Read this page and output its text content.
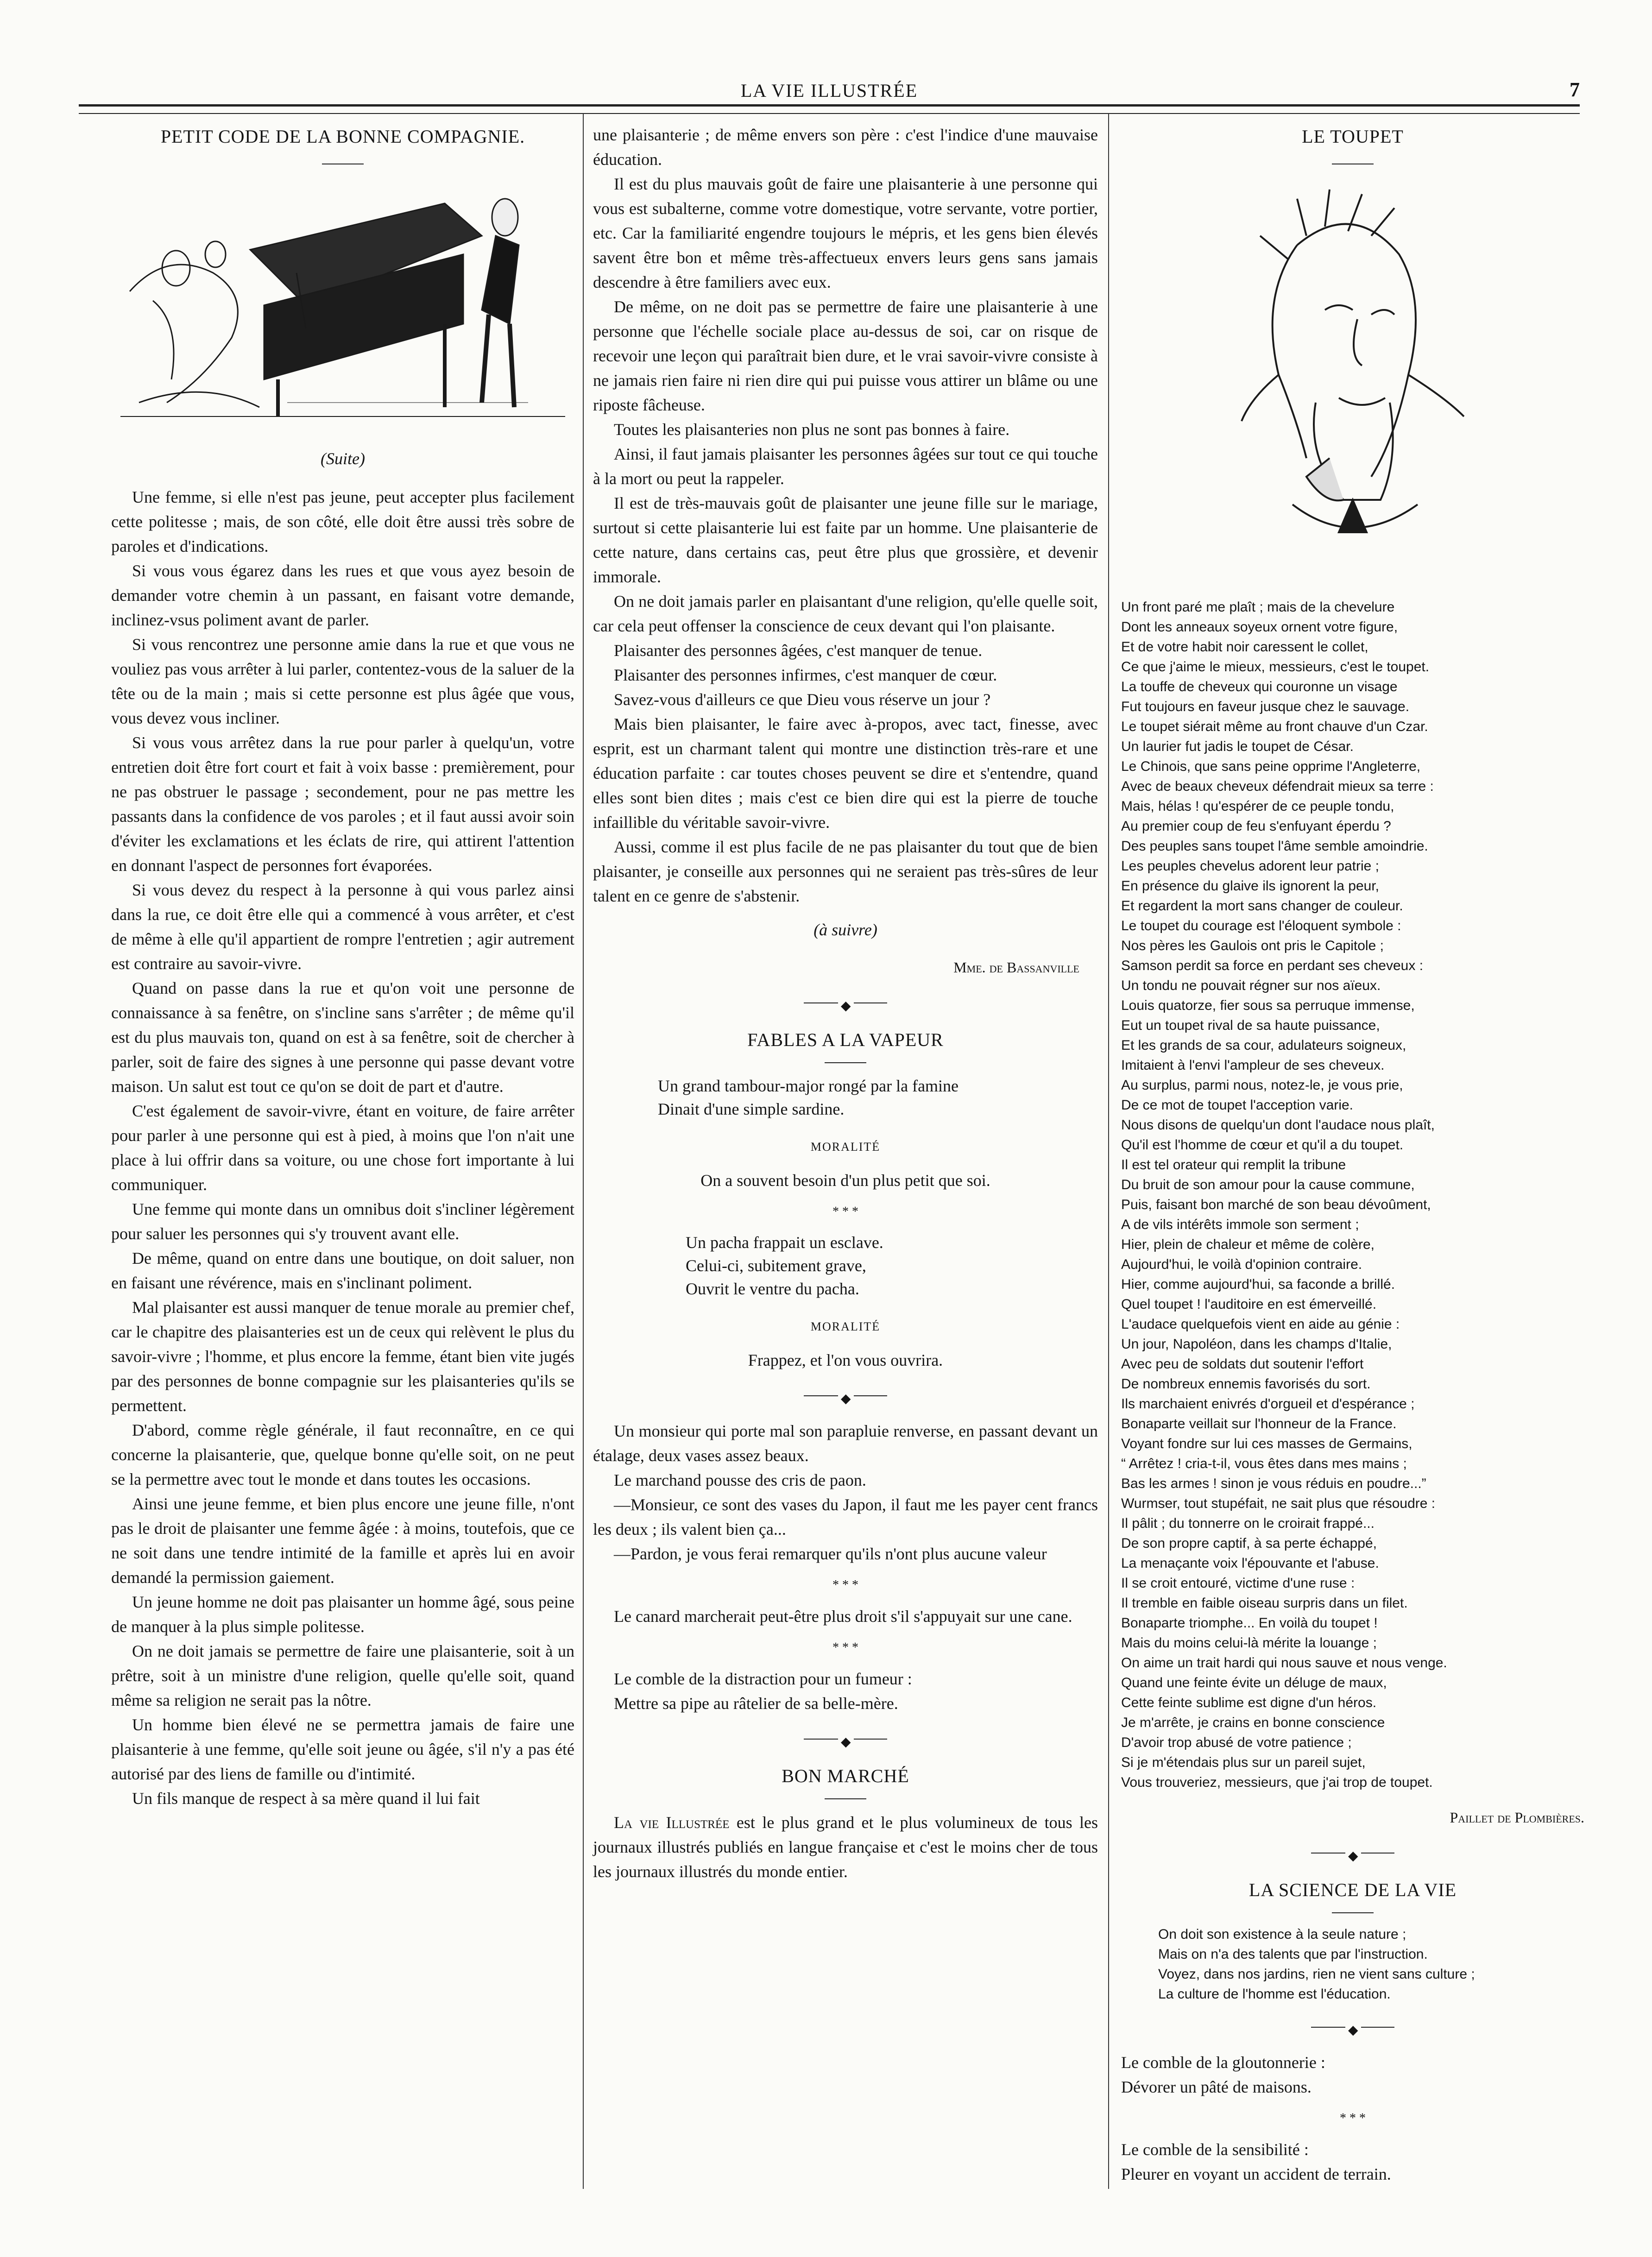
LA VIE ILLUSTRÉE	7
PETIT CODE DE LA BONNE COMPAGNIE.
(Suite)

Une femme, si elle n'est pas jeune, peut accepter plus facilement cette politesse ; mais, de son côté, elle doit être aussi très sobre de paroles et d'indications.

Si vous vous égarez dans les rues et que vous ayez besoin de demander votre chemin à un passant, en faisant votre demande, inclinez-vsus poliment avant de parler.

Si vous rencontrez une personne amie dans la rue et que vous ne vouliez pas vous arrêter à lui parler, contentez-vous de la saluer de la tête ou de la main ; mais si cette personne est plus âgée que vous, vous devez vous incliner.

Si vous vous arrêtez dans la rue pour parler à quelqu'un, votre entretien doit être fort court et fait à voix basse : premièrement, pour ne pas obstruer le passage ; secondement, pour ne pas mettre les passants dans la confidence de vos paroles ; et il faut aussi avoir soin d'éviter les exclamations et les éclats de rire, qui attirent l'attention en donnant l'aspect de personnes fort évaporées.

Si vous devez du respect à la personne à qui vous parlez ainsi dans la rue, ce doit être elle qui a commencé à vous arrêter, et c'est de même à elle qu'il appartient de rompre l'entretien ; agir autrement est contraire au savoir-vivre.

Quand on passe dans la rue et qu'on voit une personne de connaissance à sa fenêtre, on s'incline sans s'arrêter ; de même qu'il est du plus mauvais ton, quand on est à sa fenêtre, soit de chercher à parler, soit de faire des signes à une personne qui passe devant votre maison. Un salut est tout ce qu'on se doit de part et d'autre.

C'est également de savoir-vivre, étant en voiture, de faire arrêter pour parler à une personne qui est à pied, à moins que l'on n'ait une place à lui offrir dans sa voiture, ou une chose fort importante à lui communiquer.

Une femme qui monte dans un omnibus doit s'incliner légèrement pour saluer les personnes qui s'y trouvent avant elle.

De même, quand on entre dans une boutique, on doit saluer, non en faisant une révérence, mais en s'inclinant poliment.

Mal plaisanter est aussi manquer de tenue morale au premier chef, car le chapitre des plaisanteries est un de ceux qui relèvent le plus du savoir-vivre ; l'homme, et plus encore la femme, étant bien vite jugés par des personnes de bonne compagnie sur les plaisanteries qu'ils se permettent.

D'abord, comme règle générale, il faut reconnaître, en ce qui concerne la plaisanterie, que, quelque bonne qu'elle soit, on ne peut se la permettre avec tout le monde et dans toutes les occasions.

Ainsi une jeune femme, et bien plus encore une jeune fille, n'ont pas le droit de plaisanter une femme âgée : à moins, toutefois, que ce ne soit dans une tendre intimité de la famille et après lui en avoir demandé la permission gaiement.

Un jeune homme ne doit pas plaisanter un homme âgé, sous peine de manquer à la plus simple politesse.

On ne doit jamais se permettre de faire une plaisanterie, soit à un prêtre, soit à un ministre d'une religion, quelle qu'elle soit, quand même sa religion ne serait pas la nôtre.

Un homme bien élevé ne se permettra jamais de faire une plaisanterie à une femme, qu'elle soit jeune ou âgée, s'il n'y a pas été autorisé par des liens de famille ou d'intimité.

Un fils manque de respect à sa mère quand il lui fait

une plaisanterie ; de même envers son père : c'est l'indice d'une mauvaise éducation.

Il est du plus mauvais goût de faire une plaisanterie à une personne qui vous est subalterne, comme votre domestique, votre servante, votre portier, etc. Car la familiarité engendre toujours le mépris, et les gens bien élevés savent être bon et même très-affectueux envers leurs gens sans jamais descendre à être familiers avec eux.

De même, on ne doit pas se permettre de faire une plaisanterie à une personne que l'échelle sociale place au-dessus de soi, car on risque de recevoir une leçon qui paraîtrait bien dure, et le vrai savoir-vivre consiste à ne jamais rien faire ni rien dire qui pui puisse vous attirer un blâme ou une riposte fâcheuse.

Toutes les plaisanteries non plus ne sont pas bonnes à faire.

Ainsi, il faut jamais plaisanter les personnes âgées sur tout ce qui touche à la mort ou peut la rappeler.

Il est de très-mauvais goût de plaisanter une jeune fille sur le mariage, surtout si cette plaisanterie lui est faite par un homme. Une plaisanterie de cette nature, dans certains cas, peut être plus que grossière, et devenir immorale.

On ne doit jamais parler en plaisantant d'une religion, qu'elle quelle soit, car cela peut offenser la conscience de ceux devant qui l'on plaisante.

Plaisanter des personnes âgées, c'est manquer de tenue.

Plaisanter des personnes infirmes, c'est manquer de cœur.

Savez-vous d'ailleurs ce que Dieu vous réserve un jour ?

Mais bien plaisanter, le faire avec à-propos, avec tact, finesse, avec esprit, est un charmant talent qui montre une distinction très-rare et une éducation parfaite : car toutes choses peuvent se dire et s'entendre, quand elles sont bien dites ; mais c'est ce bien dire qui est la pierre de touche infaillible du véritable savoir-vivre.

Aussi, comme il est plus facile de ne pas plaisanter du tout que de bien plaisanter, je conseille aux personnes qui ne seraient pas très-sûres de leur talent en ce genre de s'abstenir.

(à suivre)
Mme. de Bassanville
◆
FABLES A LA VAPEUR
Un grand tambour-major rongé par la famine
Dinait d'une simple sardine.
MORALITÉ
On a souvent besoin d'un plus petit que soi.
* * *
Un pacha frappait un esclave.
Celui-ci, subitement grave,
Ouvrit le ventre du pacha.
MORALITÉ
Frappez, et l'on vous ouvrira.
◆

Un monsieur qui porte mal son parapluie renverse, en passant devant un étalage, deux vases assez beaux.

Le marchand pousse des cris de paon.

—Monsieur, ce sont des vases du Japon, il faut me les payer cent francs les deux ; ils valent bien ça...

—Pardon, je vous ferai remarquer qu'ils n'ont plus aucune valeur

* * *

Le canard marcherait peut-être plus droit s'il s'appuyait sur une cane.

* * *

Le comble de la distraction pour un fumeur :

Mettre sa pipe au râtelier de sa belle-mère.

◆
BON MARCHÉ

La vie Illustrée est le plus grand et le plus volumineux de tous les journaux illustrés publiés en langue française et c'est le moins cher de tous les journaux illustrés du monde entier.

LE TOUPET
Un front paré me plaît ; mais de la chevelure
Dont les anneaux soyeux ornent votre figure,
Et de votre habit noir caressent le collet,
Ce que j'aime le mieux, messieurs, c'est le toupet.
La touffe de cheveux qui couronne un visage
Fut toujours en faveur jusque chez le sauvage.
Le toupet siérait même au front chauve d'un Czar.
Un laurier fut jadis le toupet de César.
Le Chinois, que sans peine opprime l'Angleterre,
Avec de beaux cheveux défendrait mieux sa terre :
Mais, hélas ! qu'espérer de ce peuple tondu,
Au premier coup de feu s'enfuyant éperdu ?
Des peuples sans toupet l'âme semble amoindrie.
Les peuples chevelus adorent leur patrie ;
En présence du glaive ils ignorent la peur,
Et regardent la mort sans changer de couleur.
Le toupet du courage est l'éloquent symbole :
Nos pères les Gaulois ont pris le Capitole ;
Samson perdit sa force en perdant ses cheveux :
Un tondu ne pouvait régner sur nos aïeux.
Louis quatorze, fier sous sa perruque immense,
Eut un toupet rival de sa haute puissance,
Et les grands de sa cour, adulateurs soigneux,
Imitaient à l'envi l'ampleur de ses cheveux.
Au surplus, parmi nous, notez-le, je vous prie,
De ce mot de toupet l'acception varie.
Nous disons de quelqu'un dont l'audace nous plaît,
Qu'il est l'homme de cœur et qu'il a du toupet.
Il est tel orateur qui remplit la tribune
Du bruit de son amour pour la cause commune,
Puis, faisant bon marché de son beau dévoûment,
A de vils intérêts immole son serment ;
Hier, plein de chaleur et même de colère,
Aujourd'hui, le voilà d'opinion contraire.
Hier, comme aujourd'hui, sa faconde a brillé.
Quel toupet ! l'auditoire en est émerveillé.
L'audace quelquefois vient en aide au génie :
Un jour, Napoléon, dans les champs d'Italie,
Avec peu de soldats dut soutenir l'effort
De nombreux ennemis favorisés du sort.
Ils marchaient enivrés d'orgueil et d'espérance ;
Bonaparte veillait sur l'honneur de la France.
Voyant fondre sur lui ces masses de Germains,
“ Arrêtez ! cria-t-il, vous êtes dans mes mains ;
Bas les armes ! sinon je vous réduis en poudre...”
Wurmser, tout stupéfait, ne sait plus que résoudre :
Il pâlit ; du tonnerre on le croirait frappé...
De son propre captif, à sa perte échappé,
La menaçante voix l'épouvante et l'abuse.
Il se croit entouré, victime d'une ruse :
Il tremble en faible oiseau surpris dans un filet.
Bonaparte triomphe... En voilà du toupet !
Mais du moins celui-là mérite la louange ;
On aime un trait hardi qui nous sauve et nous venge.
Quand une feinte évite un déluge de maux,
Cette feinte sublime est digne d'un héros.
Je m'arrête, je crains en bonne conscience
D'avoir trop abusé de votre patience ;
Si je m'étendais plus sur un pareil sujet,
Vous trouveriez, messieurs, que j'ai trop de toupet.
Paillet de Plombières.
◆
LA SCIENCE DE LA VIE
On doit son existence à la seule nature ;
Mais on n'a des talents que par l'instruction.
Voyez, dans nos jardins, rien ne vient sans culture ;
La culture de l'homme est l'éducation.
◆
Le comble de la gloutonnerie :
Dévorer un pâté de maisons.
* * *
Le comble de la sensibilité :
Pleurer en voyant un accident de terrain.
